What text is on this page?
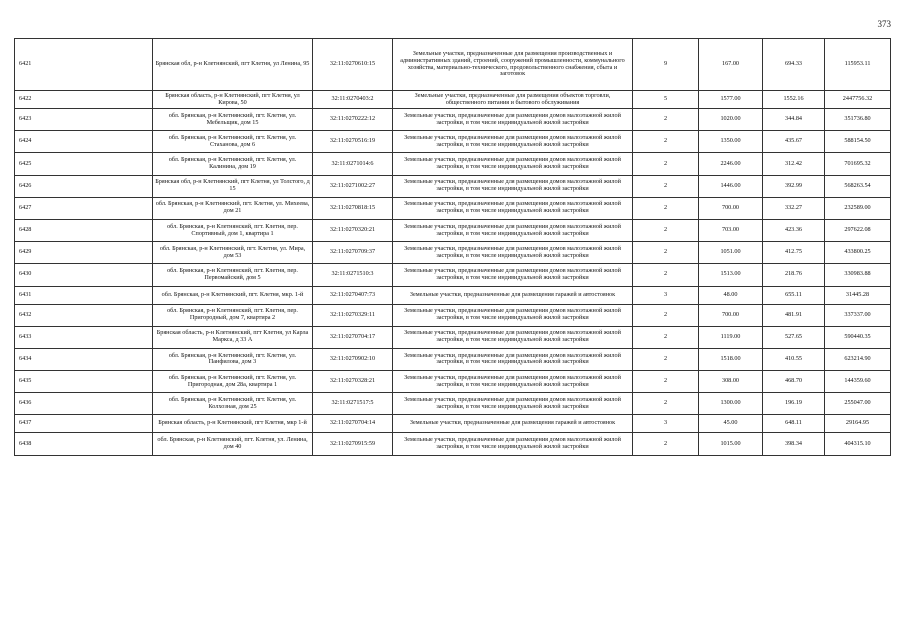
373
6421	Брянская обл, р-н Клетнянский, пгт Клетня, ул Ленина, 95	32:11:0270610:15	Земельные участки, предназначенные для размещения производственных и административных зданий, строений, сооружений промышленности, коммунального хозяйства, материально-технического, продовольственного снабжения, сбыта и заготовок	9	167.00	694.33	115953.11
6422	Брянская область, р-н Клетнянский, пгт Клетня, ул Кирова, 50	32:11:0270403:2	Земельные участки, предназначенные для размещения объектов торговли, общественного питания и бытового обслуживания	5	1577.00	1552.16	2447756.32
6423	обл. Брянская, р-н Клетнянский, пгт. Клетня, ул. Мебельщик, дом 15	32:11:0270222:12	Земельные участки, предназначенные для размещения домов малоэтажной жилой застройки, в том числе индивидуальной жилой застройки	2	1020.00	344.84	351736.80
6424	обл. Брянская, р-н Клетнянский, пгт. Клетня, ул. Стаханова, дом 6	32:11:0270516:19	Земельные участки, предназначенные для размещения домов малоэтажной жилой застройки, в том числе индивидуальной жилой застройки	2	1350.00	435.67	588154.50
6425	обл. Брянская, р-н Клетнянский, пгт. Клетня, ул. Калинина, дом 19	32:11:0271014:6	Земельные участки, предназначенные для размещения домов малоэтажной жилой застройки, в том числе индивидуальной жилой застройки	2	2246.00	312.42	701695.32
6426	Брянская обл, р-н Клетнянский, пгт Клетня, ул Толстого, д 15	32:11:0271002:27	Земельные участки, предназначенные для размещения домов малоэтажной жилой застройки, в том числе индивидуальной жилой застройки	2	1446.00	392.99	568263.54
6427	обл. Брянская, р-н Клетнянский, пгт. Клетня, ул. Михеева, дом 21	32:11:0270818:15	Земельные участки, предназначенные для размещения домов малоэтажной жилой застройки, в том числе индивидуальной жилой застройки	2	700.00	332.27	232589.00
6428	обл. Брянская, р-н Клетнянский, пгт. Клетня, пер. Спортивный, дом 1, квартира 1	32:11:0270320:21	Земельные участки, предназначенные для размещения домов малоэтажной жилой застройки, в том числе индивидуальной жилой застройки	2	703.00	423.36	297622.08
6429	обл. Брянская, р-н Клетнянский, пгт. Клетня, ул. Мира, дом 53	32:11:0270709:37	Земельные участки, предназначенные для размещения домов малоэтажной жилой застройки, в том числе индивидуальной жилой застройки	2	1051.00	412.75	433800.25
6430	обл. Брянская, р-н Клетнянский, пгт. Клетня, пер. Первомайский, дом 5	32:11:0271510:3	Земельные участки, предназначенные для размещения домов малоэтажной жилой застройки, в том числе индивидуальной жилой застройки	2	1513.00	218.76	330983.88
6431	обл. Брянская, р-н Клетнянский, пгт. Клетня, мкр. 1-й	32:11:0270407:73	Земельные участки, предназначенные для размещения гаражей и автостоянок	3	48.00	655.11	31445.28
6432	обл. Брянская, р-н Клетнянский, пгт. Клетня, пер. Пригородный, дом 7, квартира 2	32:11:0270329:11	Земельные участки, предназначенные для размещения домов малоэтажной жилой застройки, в том числе индивидуальной жилой застройки	2	700.00	481.91	337337.00
6433	Брянская область, р-н Клетнянский, пгт Клетня, ул Карла Маркса, д 33 А	32:11:0270704:17	Земельные участки, предназначенные для размещения домов малоэтажной жилой застройки, в том числе индивидуальной жилой застройки	2	1119.00	527.65	590440.35
6434	обл. Брянская, р-н Клетнянский, пгт. Клетня, ул. Панфилова, дом 3	32:11:0270902:10	Земельные участки, предназначенные для размещения домов малоэтажной жилой застройки, в том числе индивидуальной жилой застройки	2	1518.00	410.55	623214.90
6435	обл. Брянская, р-н Клетнянский, пгт. Клетня, ул. Пригородная, дом 28а, квартира 1	32:11:0270328:21	Земельные участки, предназначенные для размещения домов малоэтажной жилой застройки, в том числе индивидуальной жилой застройки	2	308.00	468.70	144359.60
6436	обл. Брянская, р-н Клетнянский, пгт. Клетня, ул. Колхозная, дом 25	32:11:0271517:5	Земельные участки, предназначенные для размещения домов малоэтажной жилой застройки, в том числе индивидуальной жилой застройки	2	1300.00	196.19	255047.00
6437	Брянская область, р-н Клетнянский, пгт Клетня, мкр 1-й	32:11:0270704:14	Земельные участки, предназначенные для размещения гаражей и автостоянок	3	45.00	648.11	29164.95
6438	обл. Брянская, р-н Клетнянский, пгт. Клетня, ул. Ленина, дом 40	32:11:0270915:59	Земельные участки, предназначенные для размещения домов малоэтажной жилой застройки, в том числе индивидуальной жилой застройки	2	1015.00	398.34	404315.10
